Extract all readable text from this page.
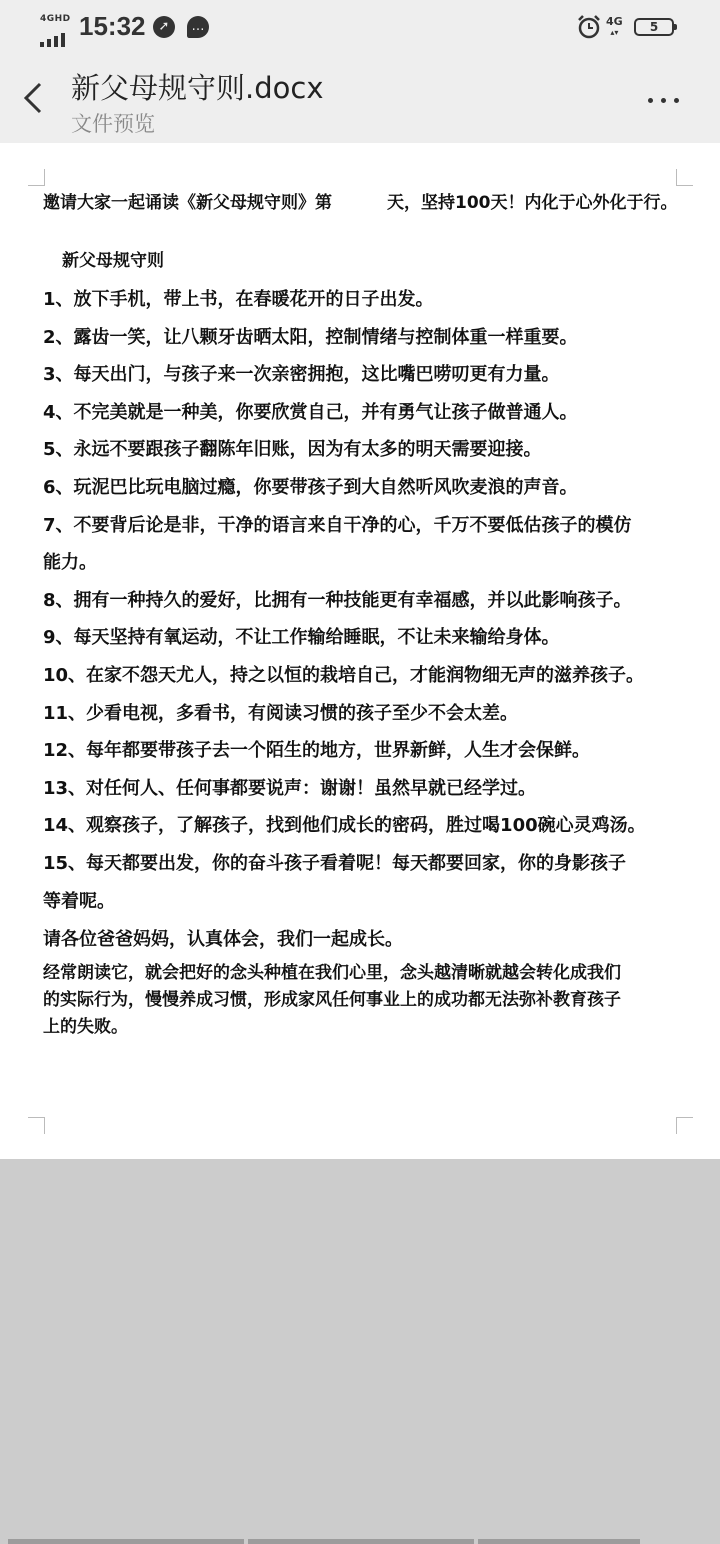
4GHD 15:32	➚	…	4G
▴▾	5
新父母规守则.docx
文件预览
邀请大家一起诵读《新父母规守则》第	天，坚持100天！内化于心外化于行。
新父母规守则
1、放下手机，带上书，在春暖花开的日子出发。
2、露齿一笑，让八颗牙齿晒太阳，控制情绪与控制体重一样重要。
3、每天出门，与孩子来一次亲密拥抱，这比嘴巴唠叨更有力量。
4、不完美就是一种美，你要欣赏自己，并有勇气让孩子做普通人。
5、永远不要跟孩子翻陈年旧账，因为有太多的明天需要迎接。
6、玩泥巴比玩电脑过瘾，你要带孩子到大自然听风吹麦浪的声音。
7、不要背后论是非，干净的语言来自干净的心，千万不要低估孩子的模仿
能力。
8、拥有一种持久的爱好，比拥有一种技能更有幸福感，并以此影响孩子。
9、每天坚持有氧运动，不让工作输给睡眠，不让未来输给身体。
10、在家不怨天尤人，持之以恒的栽培自己，才能润物细无声的滋养孩子。
11、少看电视，多看书，有阅读习惯的孩子至少不会太差。
12、每年都要带孩子去一个陌生的地方，世界新鲜，人生才会保鲜。
13、对任何人、任何事都要说声：谢谢！虽然早就已经学过。
14、观察孩子，了解孩子，找到他们成长的密码，胜过喝100碗心灵鸡汤。
15、每天都要出发，你的奋斗孩子看着呢！每天都要回家，你的身影孩子
等着呢。
请各位爸爸妈妈，认真体会，我们一起成长。
经常朗读它，就会把好的念头种植在我们心里，念头越清晰就越会转化成我们
的实际行为，慢慢养成习惯，形成家风任何事业上的成功都无法弥补教育孩子
上的失败。
